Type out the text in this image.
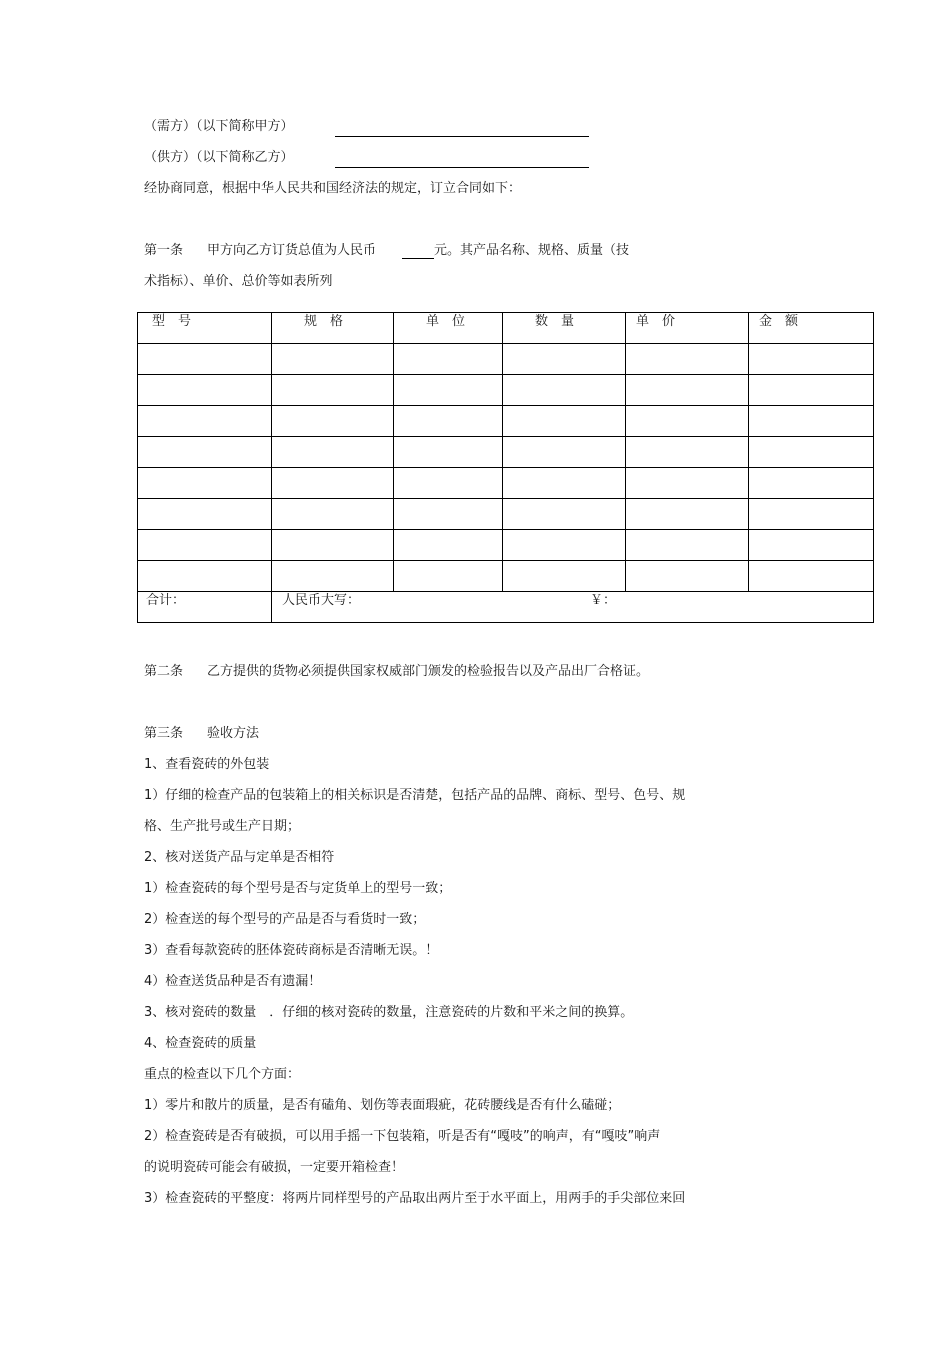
（需方）（以下简称甲方）
（供方）（以下简称乙方）
经协商同意，根据中华人民共和国经济法的规定，订立合同如下：
第一条 甲方向乙方订货总值为人民币	元。其产品名称、规格、质量（技
术指标）、单价、总价等如表所列
型　号	规　格	单　位	数　量	单　价	金　额

合计：	人民币大写： ￥：				
第二条 乙方提供的货物必须提供国家权威部门颁发的检验报告以及产品出厂合格证。
第三条 验收方法
1、查看瓷砖的外包装
1）仔细的检查产品的包装箱上的相关标识是否清楚，包括产品的品牌、商标、型号、色号、规
格、生产批号或生产日期；
2、核对送货产品与定单是否相符
1）检查瓷砖的每个型号是否与定货单上的型号一致；
2）检查送的每个型号的产品是否与看货时一致；
3）查看每款瓷砖的胚体瓷砖商标是否清晰无误。！
4）检查送货品种是否有遗漏！
3、核对瓷砖的数量　．仔细的核对瓷砖的数量，注意瓷砖的片数和平米之间的换算。
4、检查瓷砖的质量
重点的检查以下几个方面：
1）零片和散片的质量，是否有磕角、划伤等表面瑕疵，花砖腰线是否有什么磕碰；
2）检查瓷砖是否有破损，可以用手摇一下包装箱，听是否有“嘎吱”的响声，有“嘎吱”响声
的说明瓷砖可能会有破损，一定要开箱检查！
3）检查瓷砖的平整度：将两片同样型号的产品取出两片至于水平面上，用两手的手尖部位来回
